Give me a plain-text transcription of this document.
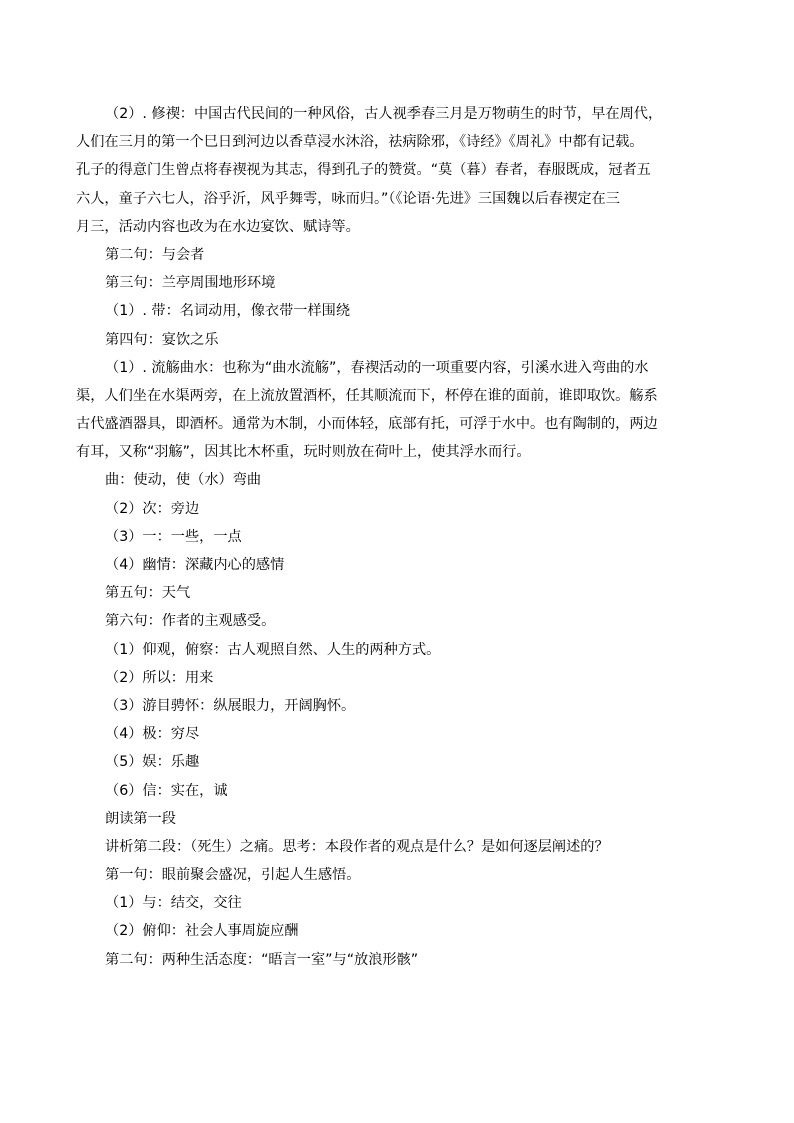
（2）. 修禊：中国古代民间的一种风俗，古人视季春三月是万物萌生的时节，早在周代，
人们在三月的第一个巳日到河边以香草浸水沐浴，祛病除邪，《诗经》《周礼》中都有记载。
孔子的得意门生曾点将春禊视为其志，得到孔子的赞赏。“莫（暮）春者，春服既成，冠者五
六人，童子六七人，浴乎沂，风乎舞雩，咏而归。”（《论语·先进》三国魏以后春禊定在三
月三，活动内容也改为在水边宴饮、赋诗等。
第二句：与会者
第三句：兰亭周围地形环境
（1）. 带：名词动用，像衣带一样围绕
第四句：宴饮之乐
（1）. 流觞曲水：也称为“曲水流觞”，春禊活动的一项重要内容，引溪水进入弯曲的水
渠，人们坐在水渠两旁，在上流放置酒杯，任其顺流而下，杯停在谁的面前，谁即取饮。觞系
古代盛酒器具，即酒杯。通常为木制，小而体轻，底部有托，可浮于水中。也有陶制的，两边
有耳，又称“羽觞”，因其比木杯重，玩时则放在荷叶上，使其浮水而行。
曲：使动，使（水）弯曲
（2）次：旁边
（3）一：一些，一点
（4）幽情：深藏内心的感情
第五句：天气
第六句：作者的主观感受。
（1）仰观，俯察：古人观照自然、人生的两种方式。
（2）所以：用来
（3）游目骋怀：纵展眼力，开阔胸怀。
（4）极：穷尽
（5）娱：乐趣
（6）信：实在，诚
朗读第一段
讲析第二段：（死生）之痛。思考：本段作者的观点是什么？是如何逐层阐述的？
第一句：眼前聚会盛况，引起人生感悟。
（1）与：结交，交往
（2）俯仰：社会人事周旋应酬
第二句：两种生活态度：“晤言一室”与“放浪形骸”
